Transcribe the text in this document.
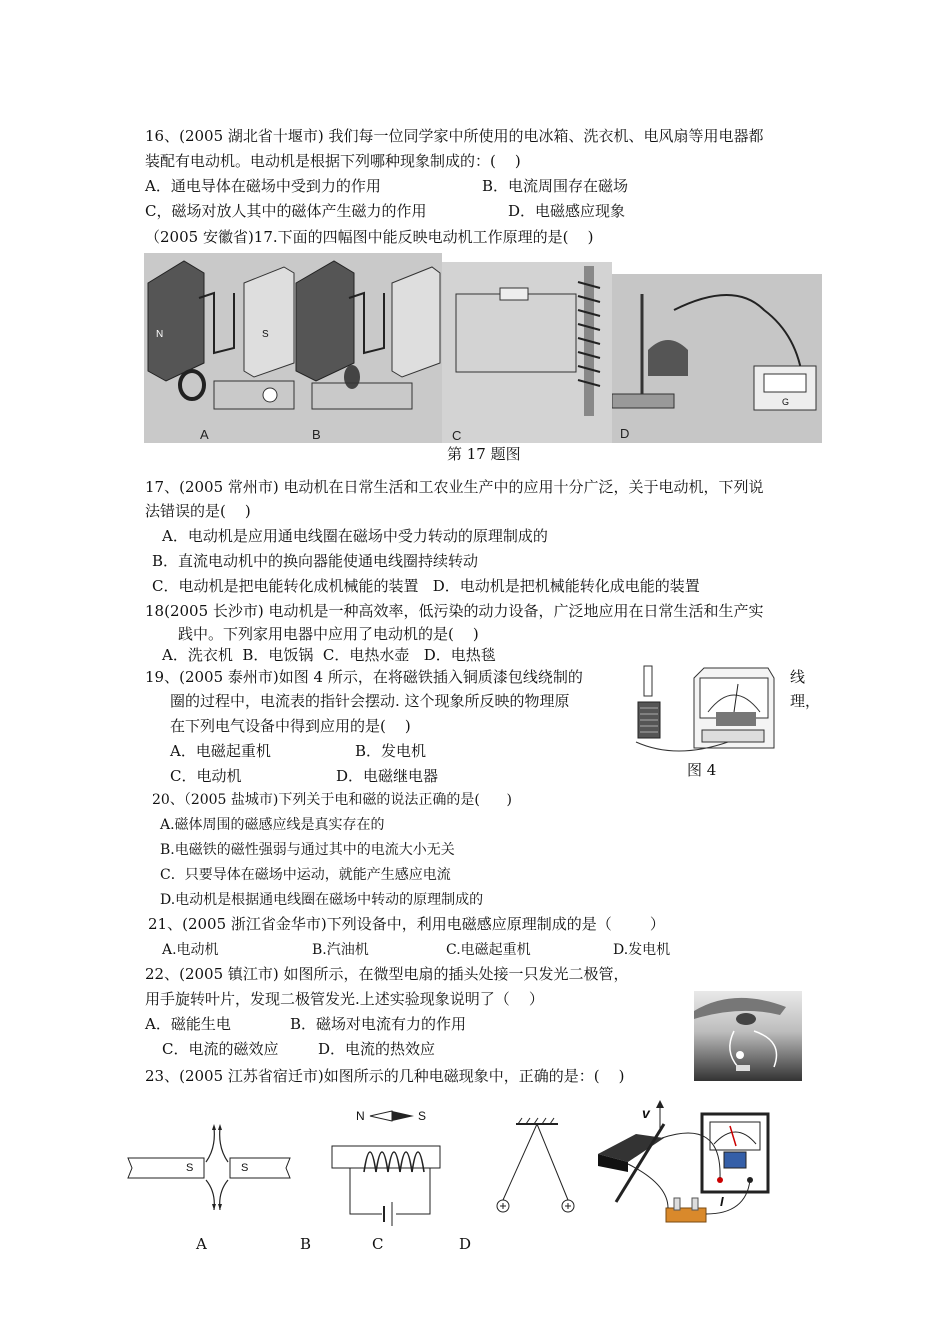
16、(2005 湖北省十堰市) 我们每一位同学家中所使用的电冰箱、洗衣机、电风扇等用电器都
装配有电动机。电动机是根据下列哪种现象制成的：(    )
A．通电导体在磁场中受到力的作用	B．电流周围存在磁场
C，磁场对放人其中的磁体产生磁力的作用	D．电磁感应现象
（2005 安徽省)17.下面的四幅图中能反映电动机工作原理的是(    )
N	S
A	B	C
G
D
第 17 题图
17、(2005 常州市) 电动机在日常生活和工农业生产中的应用十分广泛，关于电动机，下列说
法错误的是(    )
A．电动机是应用通电线圈在磁场中受力转动的原理制成的
B．直流电动机中的换向器能使通电线圈持续转动
C．电动机是把电能转化成机械能的装置   D．电动机是把机械能转化成电能的装置
18(2005 长沙市) 电动机是一种高效率，低污染的动力设备，广泛地应用在日常生活和生产实
践中。下列家用电器中应用了电动机的是(    )
A．洗衣机  B．电饭锅  C．电热水壶   D．电热毯
19、(2005 泰州市)如图 4 所示，在将磁铁插入铜质漆包线绕制的	线
圈的过程中，电流表的指针会摆动. 这个现象所反映的物理原	理，
在下列电气设备中得到应用的是(    )
A．电磁起重机	B．发电机
C．电动机	D．电磁继电器	图 4
20、（2005 盐城市)下列关于电和磁的说法正确的是(      )
A.磁体周围的磁感应线是真实存在的
B.电磁铁的磁性强弱与通过其中的电流大小无关
C．只要导体在磁场中运动，就能产生感应电流
D.电动机是根据通电线圈在磁场中转动的原理制成的
21、(2005 浙江省金华市)下列设备中，利用电磁感应原理制成的是（        ）
A.电动机	B.汽油机	C.电磁起重机	D.发电机
22、(2005 镇江市) 如图所示，在微型电扇的插头处接一只发光二极管，
用手旋转叶片，发现二极管发光.上述实验现象说明了（    ）
A．磁能生电	B．磁场对电流有力的作用
C．电流的磁效应	D．电流的热效应
23、(2005 江苏省宿迁市)如图所示的几种电磁现象中，正确的是：(    )
S	S
N	S	v
I
A	B	C	D
